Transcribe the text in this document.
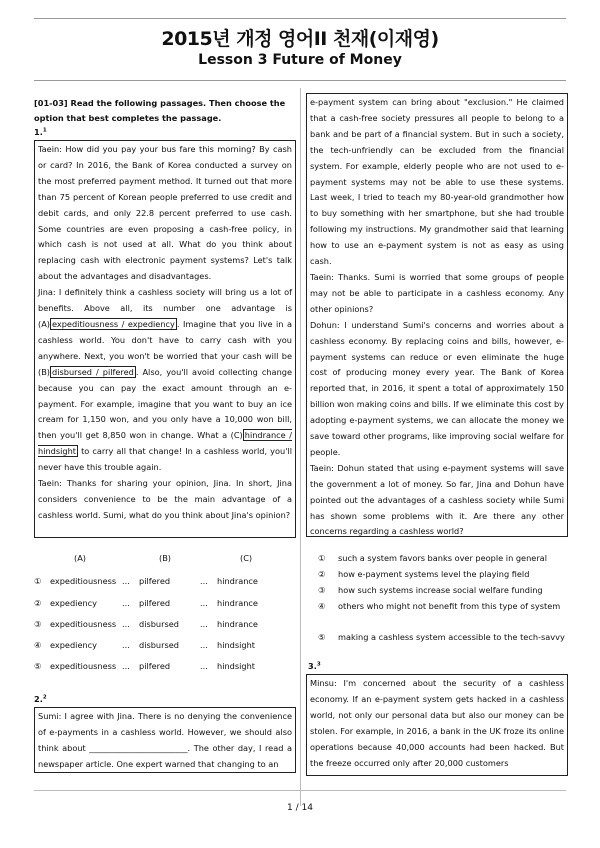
2015년 개정 영어II 천재(이재영)
Lesson 3 Future of Money
[01-03] Read the following passages. Then choose the option that best completes the passage.
1.$^1$
Taein: How did you pay your bus fare this morning? By cash or card? In 2016, the Bank of Korea conducted a survey on the most preferred payment method. It turned out that more than 75 percent of Korean people preferred to use credit and debit cards, and only 22.8 percent preferred to use cash. Some countries are even proposing a cash-free policy, in which cash is not used at all. What do you think about replacing cash with electronic payment systems? Let's talk about the advantages and disadvantages.
Jina: I definitely think a cashless society will bring us a lot of benefits. Above all, its number one advantage is (A) expeditiousness / expediency . Imagine that you live in a cashless world. You don't have to carry cash with you anywhere. Next, you won't be worried that your cash will be (B) disbursed / pilfered . Also, you'll avoid collecting change because you can pay the exact amount through an e-payment. For example, imagine that you want to buy an ice cream for 1,150 won, and you only have a 10,000 won bill, then you'll get 8,850 won in change. What a (C) hindrance / hindsight to carry all that change! In a cashless world, you'll never have this trouble again.
Taein: Thanks for sharing your opinion, Jina. In short, Jina considers convenience to be the main advantage of a cashless world. Sumi, what do you think about Jina's opinion?
(A)	(B)	(C)
① expeditiousness ... pilfered	... hindrance
② expediency	... pilfered	... hindrance
③ expeditiousness ... disbursed	... hindrance
④ expediency	... disbursed	... hindsight
⑤ expeditiousness ... pilfered	... hindsight
2.$^2$
Sumi: I agree with Jina. There is no denying the convenience of e-payments in a cashless world. However, we should also think about ________________________. The other day, I read a newspaper article. One expert warned that changing to an
e-payment system can bring about "exclusion." He claimed that a cash-free society pressures all people to belong to a bank and be part of a financial system. But in such a society, the tech-unfriendly can be excluded from the financial system. For example, elderly people who are not used to e-payment systems may not be able to use these systems. Last week, I tried to teach my 80-year-old grandmother how to buy something with her smartphone, but she had trouble following my instructions. My grandmother said that learning how to use an e-payment system is not as easy as using cash.
Taein: Thanks. Sumi is worried that some groups of people may not be able to participate in a cashless economy. Any other opinions?
Dohun: I understand Sumi's concerns and worries about a cashless economy. By replacing coins and bills, however, e-payment systems can reduce or even eliminate the huge cost of producing money every year. The Bank of Korea reported that, in 2016, it spent a total of approximately 150 billion won making coins and bills. If we eliminate this cost by adopting e-payment systems, we can allocate the money we save toward other programs, like improving social welfare for people.
Taein: Dohun stated that using e-payment systems will save the government a lot of money. So far, Jina and Dohun have pointed out the advantages of a cashless society while Sumi has shown some problems with it. Are there any other concerns regarding a cashless world?
①	such a system favors banks over people in general
②	how e-payment systems level the playing field
③	how such systems increase social welfare funding
④	others who might not benefit from this type of system
⑤	making a cashless system accessible to the tech-savvy
3.$^3$
Minsu: I'm concerned about the security of a cashless economy. If an e-payment system gets hacked in a cashless world, not only our personal data but also our money can be stolen. For example, in 2016, a bank in the UK froze its online operations because 40,000 accounts had been hacked. But the freeze occurred only after 20,000 customers
1 / 14
